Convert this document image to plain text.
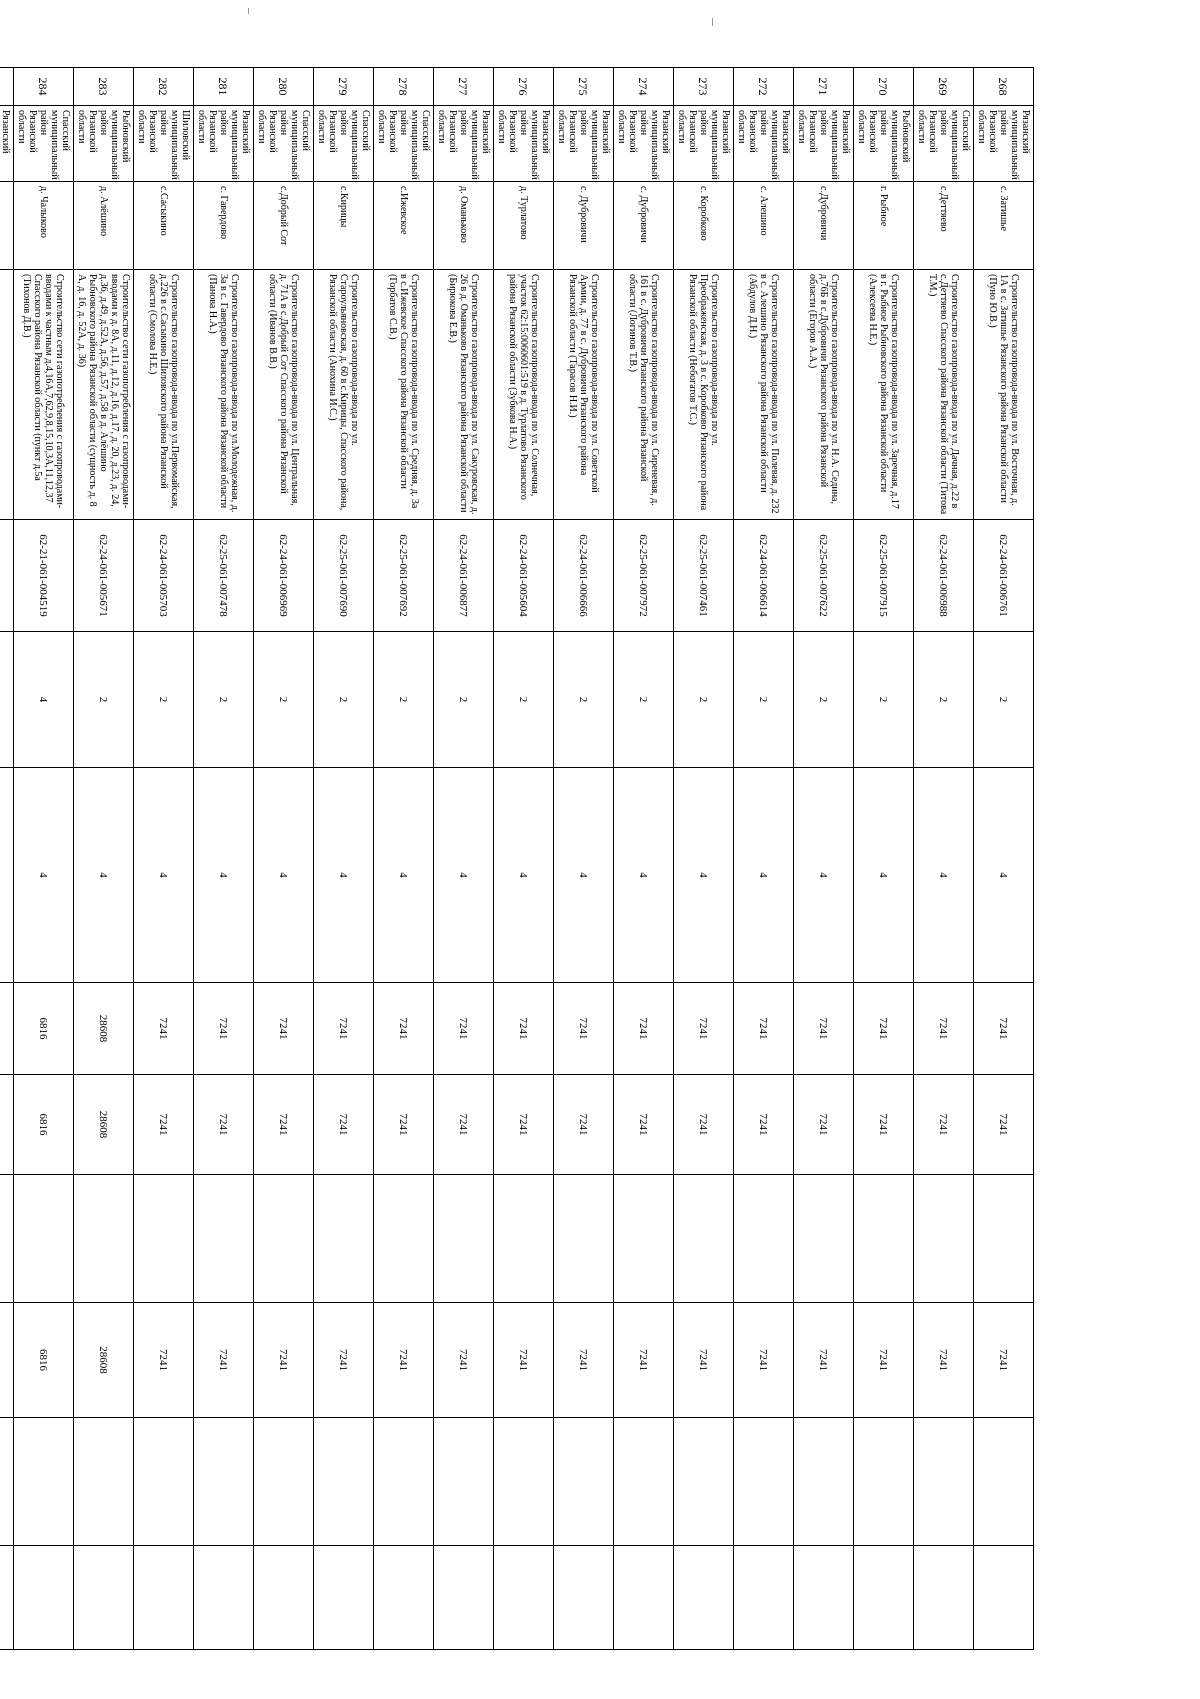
268	Рязанский муниципальный район Рязанской области	с. Затишье	Строительство газопровода-ввода по ул. Восточная, д. 1А в с. Затишье Рязанского района Рязанской области (Пуно Ю.В.)	62-24-061-006761	2	4	7241	7241		7241		
269	Спасский муниципальный район Рязанской области	с.Деттяево	Строительство газопровода-ввода по ул. Дачная, д.22 в с.Деттяево Спасского района Рязанской области (Титова Т.М.)	62-24-061-006988	2	4	7241	7241		7241		
270	Рыбновский муниципальный район Рязанской области	г. Рыбное	Строительство газопровода-ввода по ул. Заречная, д.17 в г. Рыбное Рыбновского района Рязанской области (Алексеева Н.Е.)	62-25-061-007915	2	4	7241	7241		7241		
271	Рязанский муниципальный район Рязанской области	с.Дубровичи	Строительство газопровода-ввода по ул. Н.А. Седина, д.76Б в с.Дубровичи Рязанского района Рязанской области (Егоров А.А.)	62-25-061-007622	2	4	7241	7241		7241		
272	Рязанский муниципальный район Рязанской области	с. Алешино	Строительство газопровода-ввода по ул. Полевая, д. 232 в с. Алешино Рязанского района Рязанской области (Абдулов Д.Н.)	62-24-061-006614	2	4	7241	7241		7241		
273	Рязанский муниципальный район Рязанской области	с. Коробково	Строительство газопровода-ввода по ул. Преображенская, д. 3 в с. Коробково Рязанского района Рязанской области (Небогатов Т.С.)	62-25-061-007461	2	4	7241	7241		7241		
274	Рязанский муниципальный район Рязанской области	с. Дубровичи	Строительство газопровода-ввода по ул. Сиреневая, д. 161 в с. Дубровичи Рязанского района Рязанской области (Логинов Т.В.)	62-25-061-007972	2	4	7241	7241		7241		
275	Рязанский муниципальный район Рязанской области	с. Дубровичи	Строительство газопровода-ввода по ул. Советской Армии, д. 77 в с. Дубровичи Рязанского района Рязанской области (Тарасов Н.И.)	62-24-061-006666	2	4	7241	7241		7241		
276	Рязанский муниципальный район Рязанской области	д. Турлатово	Строительство газопровода-ввода по ул. Солнечная, участок 62:15:0060601:519 в д. Турлатово Рязанского района Рязанской области (Зубкова Н.А.)	62-24-061-005604	2	4	7241	7241		7241		
277	Рязанский муниципальный район Рязанской области	д. Оманьково	Строительство газопровода-ввода по ул. Сакуровская, д. 26 в д. Оманьково Рязанского района Рязанской области (Бирюкова Е.В.)	62-24-061-006877	2	4	7241	7241		7241		
278	Спасский муниципальный район Рязанской области	с.Ижевское	Строительство газопровода-ввода по ул. Средняя, д. 3а в с.Ижевское Спасского района Рязанской области (Горбатов С.В.)	62-25-061-007692	2	4	7241	7241		7241		
279	Спасский муниципальный район Рязанской области	с.Кирицы	Строительство газопровода-ввода по ул. Староульяновская, д. 60 в с.Кирицы, Спасского района, Рязанской области (Анохина И.С.)	62-25-061-007690	2	4	7241	7241		7241		
280	Спасский муниципальный район Рязанской области	с.Добрый Сот	Строительство газопровода-ввода по ул. Центральная, д. 71А в с.Добрый Сот Спасского района Рязанской области (Иванов В.В.)	62-24-061-006969	2	4	7241	7241		7241		
281	Рязанский муниципальный район Рязанской области	с. Гавердово	Строительство газопровода-ввода по ул.Молодежная, д. 3а в с. Гавердово Рязанского района Рязанской области (Панова Н.А.)	62-25-061-007478	2	4	7241	7241		7241		
282	Шиловский муниципальный район Рязанской области	с.Сасыкино	Строительство газопровода-ввода по ул.Первомайская, д.226 в с.Сасыкино Шиловского района Рязанской области (Смолова Н.Е.)	62-24-061-005703	2	4	7241	7241		7241		
283	Рыбновский муниципальный район Рязанской области	д. Алёшино	Строительство сети газопотребления с газопроводами-вводами к д. 8А, д.11, д.12, д.16, д.17, д. 20, д.23, д. 24, д.36, д.49, д.52А, д.56, д.57, д.58 в д. Алёшино Рыбновского района Рязанской области (сущность д. 8 А, д. 16, д. 52А, д. 36)	62-24-061-005671	2	4	28608	28608		28608		
284	Спасский муниципальный район Рязанской области	д. Чалыково	Строительство сети газопотребления с газопроводами-вводами к частным д.4,16А,7,62,9,8,15,10,3А,11,12,37 Спасского района Рязанской области (пункт д.5а (Тихонов Д.В.)	62-21-061-004519	4	4	6816	6816		6816		
	Рязанский											
